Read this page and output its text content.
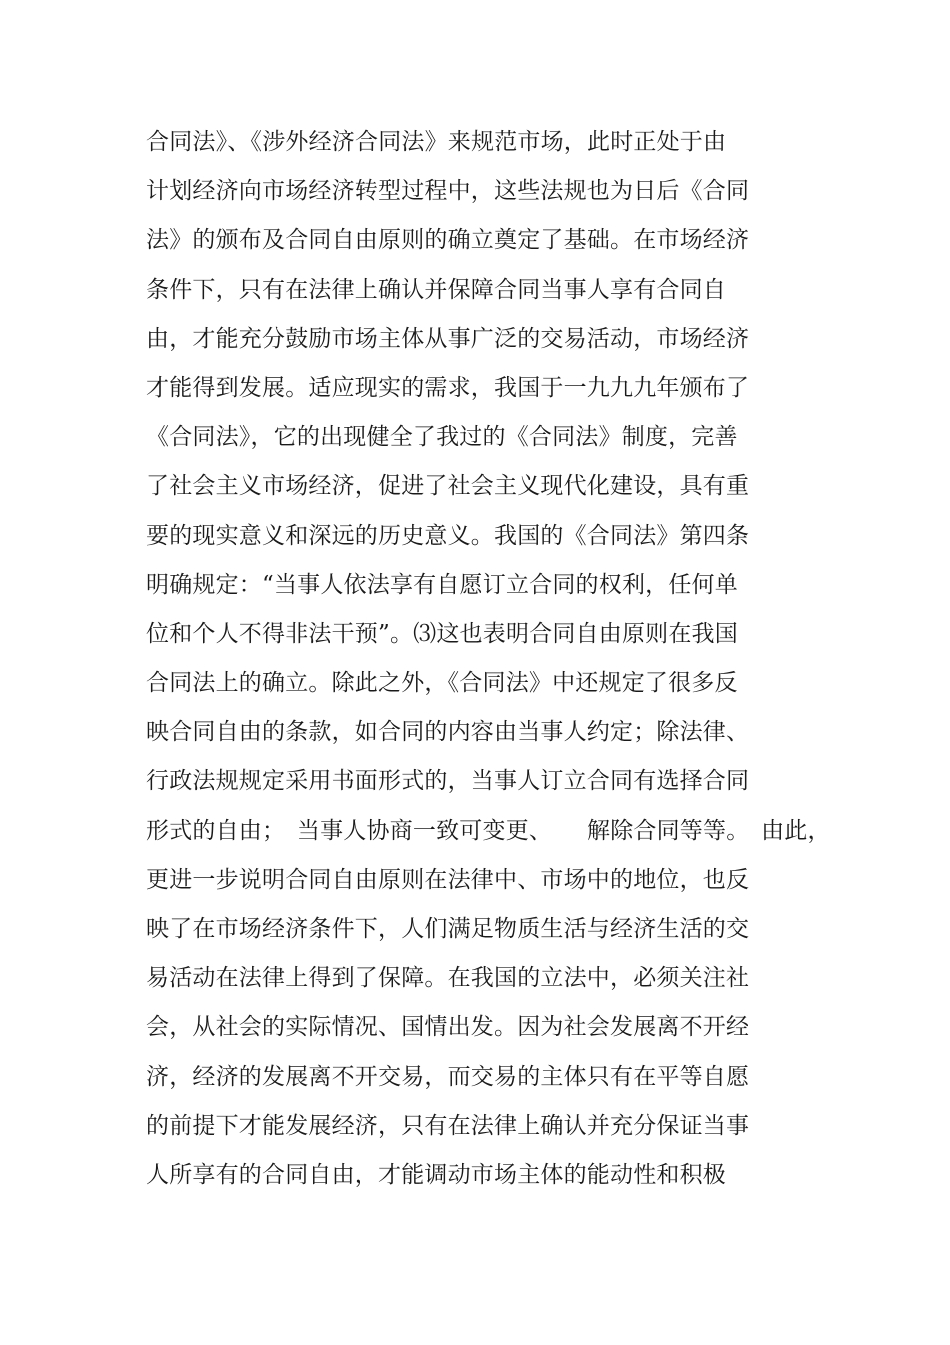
合同法》、《涉外经济合同法》来规范市场，此时正处于由
计划经济向市场经济转型过程中，这些法规也为日后《合同
法》的颁布及合同自由原则的确立奠定了基础。在市场经济
条件下，只有在法律上确认并保障合同当事人享有合同自
由，才能充分鼓励市场主体从事广泛的交易活动，市场经济
才能得到发展。适应现实的需求，我国于一九九九年颁布了
《合同法》，它的出现健全了我过的《合同法》制度，完善
了社会主义市场经济，促进了社会主义现代化建设，具有重
要的现实意义和深远的历史意义。我国的《合同法》第四条
明确规定：“当事人依法享有自愿订立合同的权利，任何单
位和个人不得非法干预”。⑶这也表明合同自由原则在我国
合同法上的确立。除此之外，《合同法》中还规定了很多反
映合同自由的条款，如合同的内容由当事人约定；除法律、
行政法规规定采用书面形式的，当事人订立合同有选择合同
形式的自由；　当事人协商一致可变更、　　解除合同等等。　由此，
更进一步说明合同自由原则在法律中、市场中的地位，也反
映了在市场经济条件下，人们满足物质生活与经济生活的交
易活动在法律上得到了保障。在我国的立法中，必须关注社
会，从社会的实际情况、国情出发。因为社会发展离不开经
济，经济的发展离不开交易，而交易的主体只有在平等自愿
的前提下才能发展经济，只有在法律上确认并充分保证当事
人所享有的合同自由，才能调动市场主体的能动性和积极
